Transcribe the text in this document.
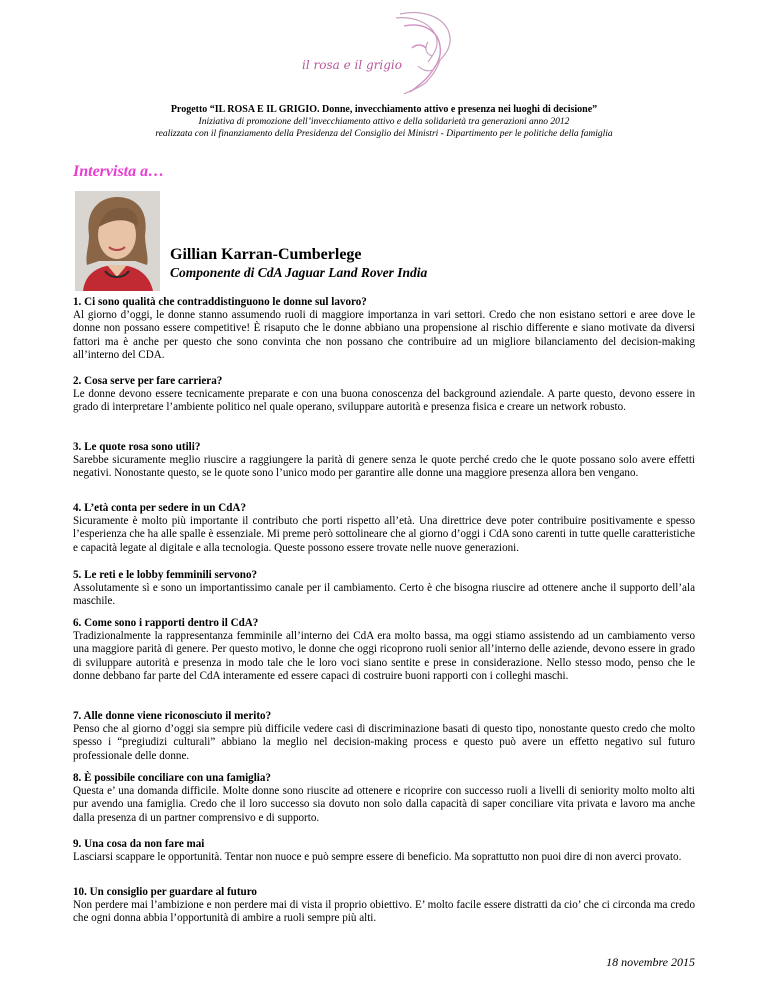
il rosa e il grigio
Progetto “IL ROSA E IL GRIGIO. Donne, invecchiamento attivo e presenza nei luoghi di decisione”
Iniziativa di promozione dell’invecchiamento attivo e della solidarietà tra generazioni anno 2012
realizzata con il finanziamento della Presidenza del Consiglio dei Ministri - Dipartimento per le politiche della famiglia
Intervista a…
Gillian Karran-Cumberlege
Componente di CdA Jaguar Land Rover India
1. Ci sono qualità che contraddistinguono le donne sul lavoro?
Al giorno d’oggi, le donne stanno assumendo ruoli di maggiore importanza in vari settori. Credo che non esistano settori e aree dove le donne non possano essere competitive! È risaputo che le donne abbiano una propensione al rischio differente e siano motivate da diversi fattori ma è anche per questo che sono convinta che non possano che contribuire ad un migliore bilanciamento del decision-making all’interno del CDA.
2. Cosa serve per fare carriera?
Le donne devono essere tecnicamente preparate e con una buona conoscenza del background aziendale. A parte questo, devono essere in grado di interpretare l’ambiente politico nel quale operano, sviluppare autorità e presenza fisica e creare un network robusto.
3. Le quote rosa sono utili?
Sarebbe sicuramente meglio riuscire a raggiungere la parità di genere senza le quote perché credo che le quote possano solo avere effetti negativi. Nonostante questo, se le quote sono l’unico modo per garantire alle donne una maggiore presenza allora ben vengano.
4. L’età conta per sedere in un CdA?
Sicuramente è molto più importante il contributo che porti rispetto all’età. Una direttrice deve poter contribuire positivamente e spesso l’esperienza che ha alle spalle è essenziale. Mi preme però sottolineare che al giorno d’oggi i CdA sono carenti in tutte quelle caratteristiche e capacità legate al digitale e alla tecnologia. Queste possono essere trovate nelle nuove generazioni.
5. Le reti e le lobby femminili servono?
Assolutamente sì e sono un importantissimo canale per il cambiamento. Certo è che bisogna riuscire ad ottenere anche il supporto dell’ala maschile.
6. Come sono i rapporti dentro il CdA?
Tradizionalmente la rappresentanza femminile all’interno dei CdA era molto bassa, ma oggi stiamo assistendo ad un cambiamento verso una maggiore parità di genere. Per questo motivo, le donne che oggi ricoprono ruoli senior all’interno delle aziende, devono essere in grado di sviluppare autorità e presenza in modo tale che le loro voci siano sentite e prese in considerazione. Nello stesso modo, penso che le donne debbano far parte del CdA interamente ed essere capaci di costruire buoni rapporti con i colleghi maschi.
7. Alle donne viene riconosciuto il merito?
Penso che al giorno d’oggi sia sempre più difficile vedere casi di discriminazione basati di questo tipo, nonostante questo credo che molto spesso i “pregiudizi culturali” abbiano la meglio nel decision-making process e questo può avere un effetto negativo sul futuro professionale delle donne.
8. È possibile conciliare con una famiglia?
Questa e’ una domanda difficile. Molte donne sono riuscite ad ottenere e ricoprire con successo ruoli a livelli di seniority molto molto alti pur avendo una famiglia. Credo che il loro successo sia dovuto non solo dalla capacità di saper conciliare vita privata e lavoro ma anche dalla presenza di un partner comprensivo e di supporto.
9. Una cosa da non fare mai
Lasciarsi scappare le opportunità. Tentar non nuoce e può sempre essere di beneficio. Ma soprattutto non puoi dire di non averci provato.
10. Un consiglio per guardare al futuro
Non perdere mai l’ambizione e non perdere mai di vista il proprio obiettivo. E’ molto facile essere distratti da cio’ che ci circonda ma credo che ogni donna abbia l’opportunità di ambire a ruoli sempre più alti.
18 novembre 2015
